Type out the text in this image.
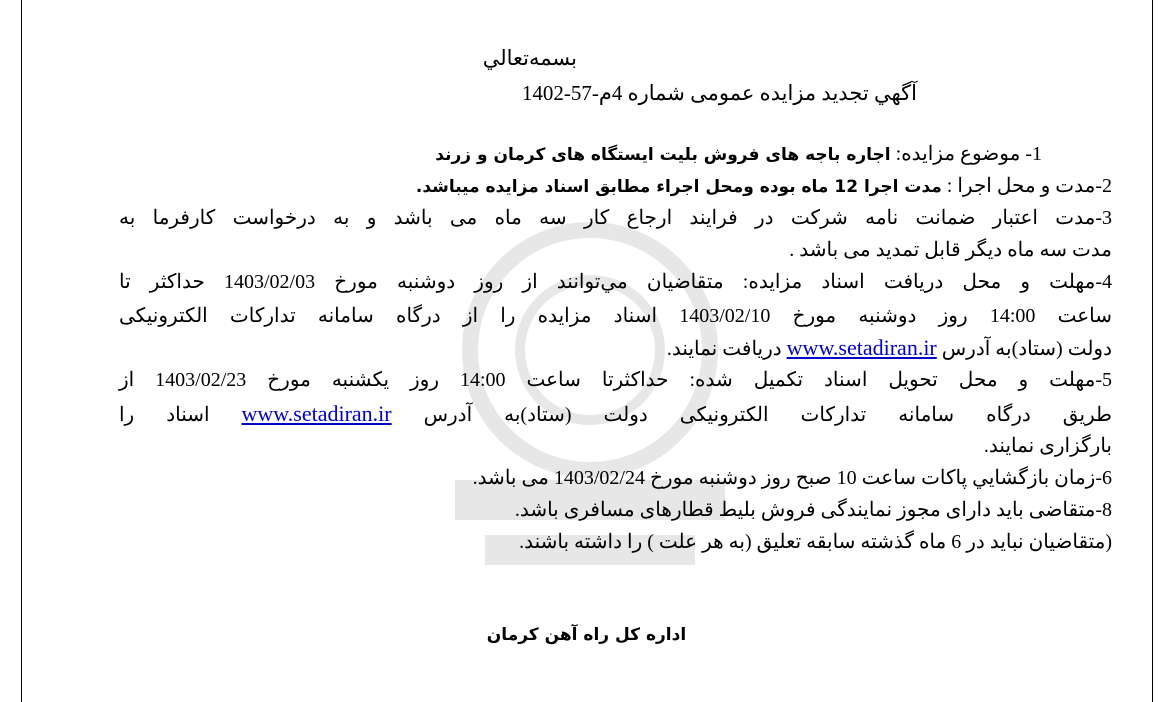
بسمه‌تعالي
آگهي تجديد مزايده عمومی شماره 4م-57-1402
1- موضوع مزايده: اجاره باجه های فروش بلیت ایستگاه های کرمان و زرند
2-مدت و محل اجرا : مدت اجرا 12 ماه بوده ومحل اجراء مطابق اسناد مزایده ميباشد.
3-مدت اعتبار ضمانت نامه شرکت در فرايند ارجاع كار سه ماه می باشد و به درخواست كارفرما به
مدت سه ماه ديگر قابل تمديد می باشد .
4-مهلت و محل دريافت اسناد مزايده: متقاضيان مي‌توانند از روز دوشنبه مورخ 1403/02/03 حداکثر تا
ساعت 14:00 روز دوشنبه مورخ 1403/02/10 اسناد مزايده را از درگاه سامانه تدارکات الکترونيکی
دولت (ستاد)به آدرس www.setadiran.ir دريافت نمايند.
5-مهلت و محل تحويل اسناد تكميل شده: حداكثرتا ساعت 14:00 روز يکشنبه مورخ 1403/02/23 از
طريق درگاه سامانه تدارکات الکترونيکی دولت (ستاد)به آدرس www.setadiran.ir اسناد را
بارگزاری نمايند.
6-زمان بازگشايي پاكات ساعت 10 صبح روز دوشنبه مورخ 1403/02/24 می باشد.
8-متقاضی باید دارای مجوز نمايندگی فروش بلیط قطارهای مسافری باشد.
(متقاضیان نباید در 6 ماه گذشته سابقه تعلیق (به هر علت ) را داشته باشند.
اداره کل راه آهن کرمان
